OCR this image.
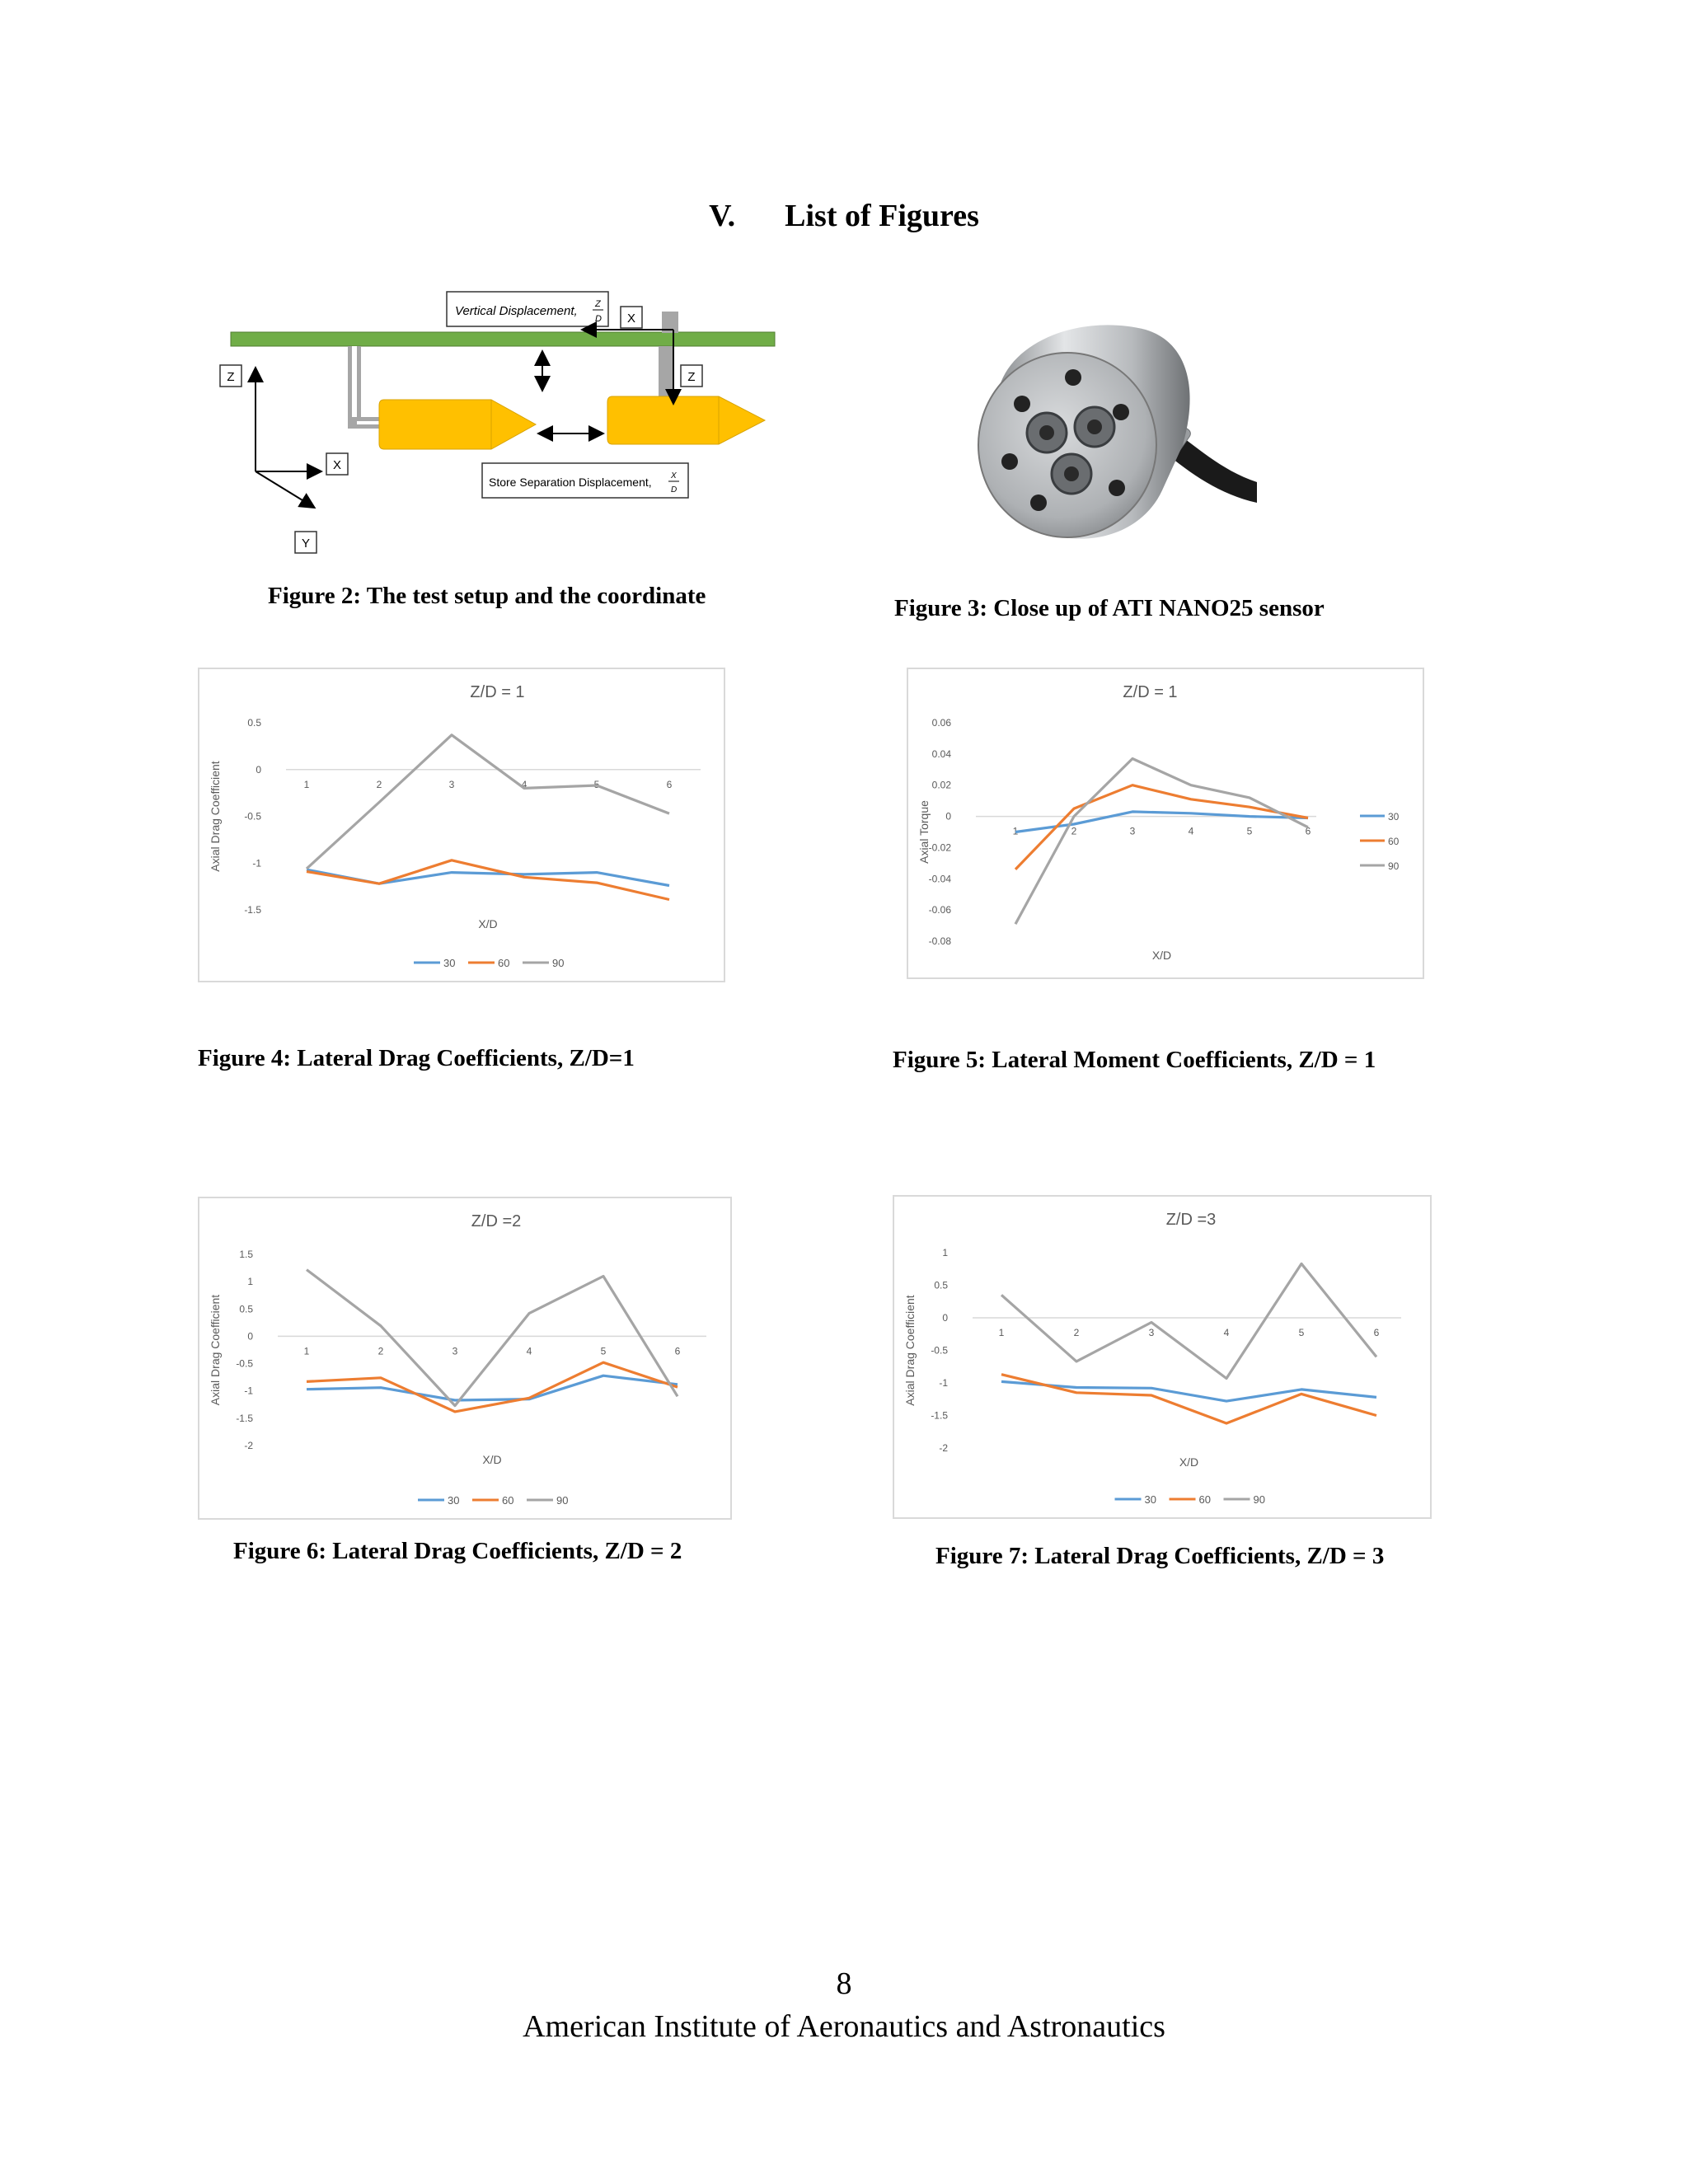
V. List of Figures
Vertical Displacement, Z
D X
Z
X
Y
Z
Store Separation Displacement, X
D
Figure 2: The test setup and the coordinate	Figure 3: Close up of ATI NANO25 sensor
Z/D = 1
0.5
0
-0.5
-1
-1.5
1	2	3	4	5	6
Axial Drag Coefficient
X/D
30	60	90
Figure 4: Lateral Drag Coefficients, Z/D=1
Z/D = 1
0.06
0.04
0.02
0
-0.02
-0.04
-0.06
-0.08
1	2	3	4	5	6
Axial Torque
X/D
30
60
90
Figure 5: Lateral Moment Coefficients, Z/D = 1
Z/D =2
1.5
1
0.5
0
-0.5
-1
-1.5
-2
1	2	3	4	5	6
Axial Drag Coefficient
X/D
30	60	90
Figure 6: Lateral Drag Coefficients, Z/D = 2
Z/D =3
1
0.5
0
-0.5
-1
-1.5
-2
1	2	3	4	5	6
Axial Drag Coefficient
X/D
30	60	90
Figure 7: Lateral Drag Coefficients, Z/D = 3
8
American Institute of Aeronautics and Astronautics
